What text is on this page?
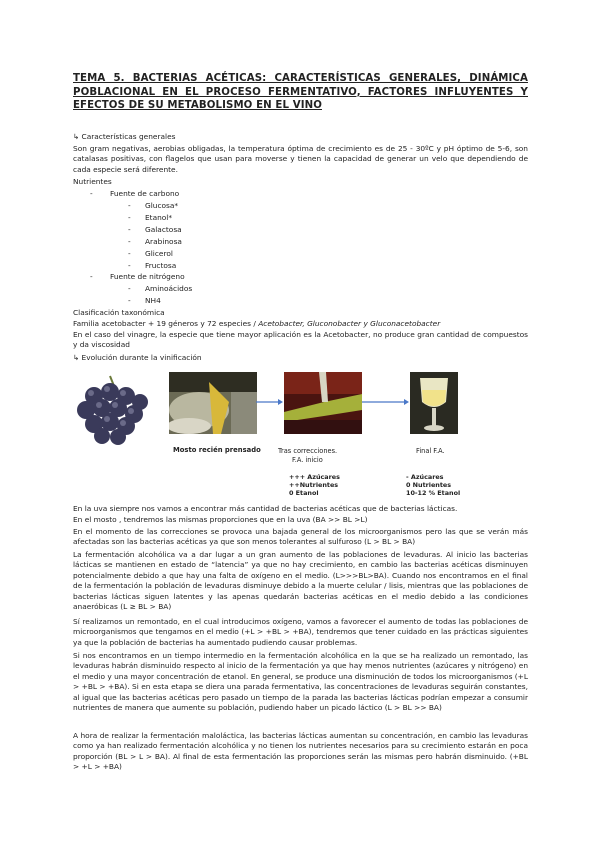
TEMA 5. BACTERIAS ACÉTICAS: CARACTERÍSTICAS GENERALES, DINÁMICA POBLACIONAL EN EL PROCESO FERMENTATIVO, FACTORES INFLUYENTES Y EFECTOS DE SU METABOLISMO EN EL VINO
↳ Características generales
Son gram negativas, aerobias obligadas, la temperatura óptima de crecimiento es de 25 - 30ºC y pH óptimo de 5-6, son catalasas positivas, con flagelos que usan para moverse y tienen la capacidad de generar un velo que dependiendo de cada especie será diferente.
Nutrientes
- Fuente de carbono
- Glucosa*
- Etanol*
- Galactosa
- Arabinosa
- Glicerol
- Fructosa
- Fuente de nitrógeno
- Aminoácidos
- NH4
Clasificación taxonómica
Familia acetobacter + 19 géneros y 72 especies / Acetobacter, Gluconobacter y Gluconacetobacter
En el caso del vinagre, la especie que tiene mayor aplicación es la Acetobacter, no produce gran cantidad de compuestos y da viscosidad
↳ Evolución durante la vinificación
Mosto recién prensado	Tras correcciones.
F.A. inicio
Final F.A.
+++ Azúcares
++Nutrientes
0 Etanol
- Azúcares
0 Nutrientes
10-12 % Etanol
En la uva siempre nos vamos a encontrar más cantidad de bacterias acéticas que de bacterias lácticas.
En el mosto , tendremos las mismas proporciones que en la uva (BA >> BL >L)
En el momento de las correcciones se provoca una bajada general de los microorganismos pero las que se verán más afectadas son las bacterias acéticas ya que son menos tolerantes al sulfuroso (L > BL > BA)
La fermentación alcohólica va a dar lugar a un gran aumento de las poblaciones de levaduras. Al inicio las bacterias lácticas se mantienen en estado de “latencia” ya que no hay crecimiento, en cambio las bacterias acéticas disminuyen potencialmente debido a que hay una falta de oxígeno en el medio. (L>>>BL>BA). Cuando nos encontramos en el final de la fermentación la población de levaduras disminuye debido a la muerte celular / lisis, mientras que las poblaciones de bacterias lácticas siguen latentes y las apenas quedarán bacterias acéticas en el medio debido a las condiciones anaeróbicas (L ≥ BL > BA)
Sí realizamos un remontado, en el cual introducimos oxígeno, vamos a favorecer el aumento de todas las poblaciones de microorganismos que tengamos en el medio (+L > +BL > +BA), tendremos que tener cuidado en las prácticas siguientes ya que la población de bacterias ha aumentado pudiendo causar problemas.
Si nos encontramos en un tiempo intermedio en la fermentación alcohólica en la que se ha realizado un remontado, las levaduras habrán disminuido respecto al inicio de la fermentación ya que hay menos nutrientes (azúcares y nitrógeno) en el medio y una mayor concentración de etanol. En general, se produce una disminución de todos los microorganismos (+L > +BL > +BA). Si en esta etapa se diera una parada fermentativa, las concentraciones de levaduras seguirán constantes, al igual que las bacterias acéticas pero pasado un tiempo de la parada las bacterias lácticas podrían empezar a consumir nutrientes de manera que aumente su población, pudiendo haber un picado láctico (L > BL >> BA)
A hora de realizar la fermentación maloláctica, las bacterias lácticas aumentan su concentración, en cambio las levaduras como ya han realizado fermentación alcohólica y no tienen los nutrientes necesarios para su crecimiento estarán en poca proporción (BL > L > BA). Al final de esta fermentación las proporciones serán las mismas pero habrán disminuido. (+BL > +L > +BA)
